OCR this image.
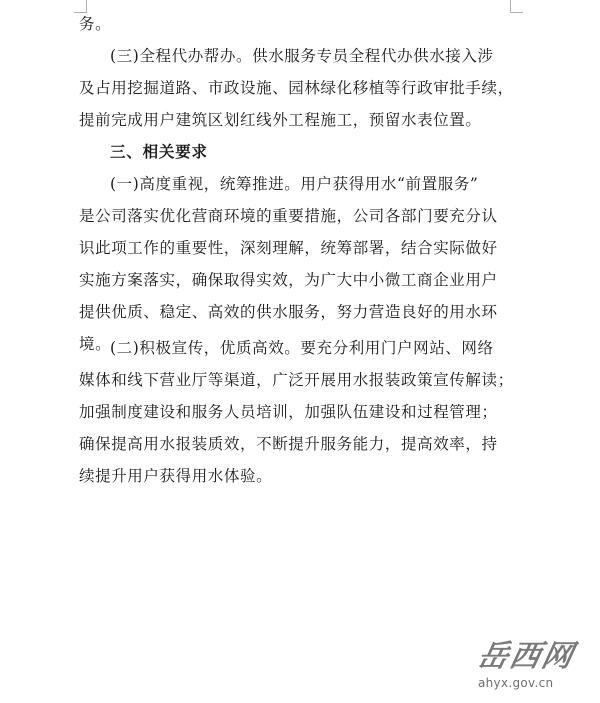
务。
(三)全程代办帮办。供水服务专员全程代办供水接入涉
及占用挖掘道路、市政设施、园林绿化移植等行政审批手续，
提前完成用户建筑区划红线外工程施工，预留水表位置。
三、相关要求
(一)高度重视，统筹推进。用户获得用水“前置服务”
是公司落实优化营商环境的重要措施，公司各部门要充分认
识此项工作的重要性，深刻理解，统筹部署，结合实际做好
实施方案落实，确保取得实效，为广大中小微工商企业用户
提供优质、稳定、高效的供水服务，努力营造良好的用水环
境。
(二)积极宣传，优质高效。要充分利用门户网站、网络
媒体和线下营业厅等渠道，广泛开展用水报装政策宣传解读；
加强制度建设和服务人员培训，加强队伍建设和过程管理；
确保提高用水报装质效，不断提升服务能力，提高效率，持
续提升用户获得用水体验。
岳西网
ahyx.gov.cn
